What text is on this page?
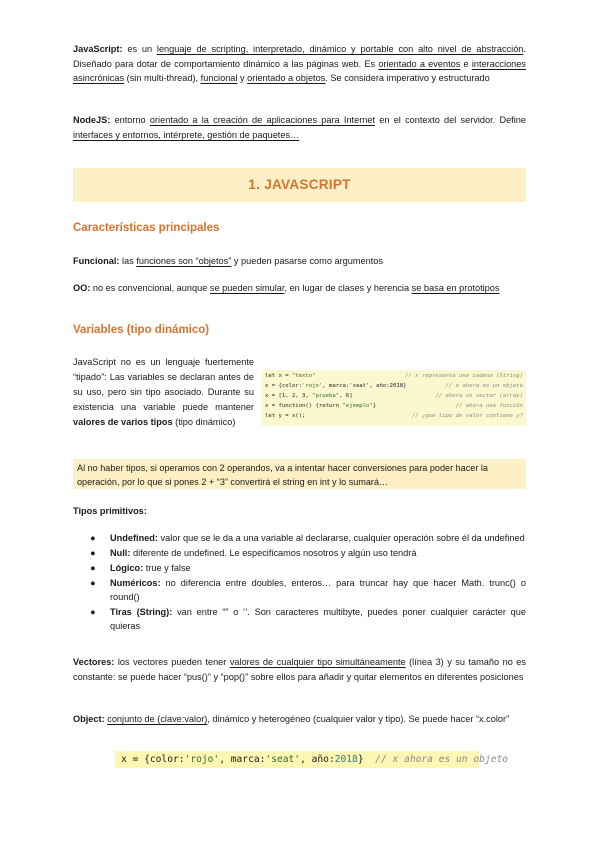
JavaScript: es un lenguaje de scripting, interpretado, dinámico y portable con alto nivel de abstracción. Diseñado para dotar de comportamiento dinámico a las páginas web. Es orientado a eventos e interacciones asincrónicas (sin multi-thread), funcional y orientado a objetos. Se considera imperativo y estructurado
NodeJS: entorno orientado a la creación de aplicaciones para Internet en el contexto del servidor. Define interfaces y entornos, intérprete, gestión de paquetes…
1. JAVASCRIPT
Características principales
Funcional: las funciones son “objetos” y pueden pasarse como argumentos
OO: no es convencional, aunque se pueden simular, en lugar de clases y herencia se basa en prototipos
Variables (tipo dinámico)
JavaScript no es un lenguaje fuertemente “tipado”: Las variables se declaran antes de su uso, pero sin tipo asociado. Durante su existencia una variable puede mantener valores de varios tipos (tipo dinámico)
let x = "texto"	// x representa una cadena (String)
x = {color:'rojo', marca:'seat', año:2018}	// x ahora es un objeto
x = [1, 2, 3, "prueba", 6]	// ahora un vector (array)
x = function() {return "ejemplo"}	// ahora una función
let y = x();	// ¿qué tipo de valor contiene y?
Al no haber tipos, si operamos con 2 operandos, va a intentar hacer conversiones para poder hacer la operación, por lo que si pones 2 + “3” convertirá el string en int y lo sumará…
Tipos primitivos:
● Undefined: valor que se le da a una variable al declararse, cualquier operación sobre él da undefined
● Null: diferente de undefined. Le especificamos nosotros y algún uso tendrá
● Lógico: true y false
● Numéricos: no diferencia entre doubles, enteros… para truncar hay que hacer Math. trunc() o round()
● Tiras (String): van entre “” o ‘’. Son caracteres multibyte, puedes poner cualquier carácter que quieras
Vectores: los vectores pueden tener valores de cualquier tipo simultáneamente (línea 3) y su tamaño no es constante: se puede hacer “pus()” y “pop()” sobre ellos para añadir y quitar elementos en diferentes posiciones
Object: conjunto de (clave:valor), dinámico y heterogéneo (cualquier valor y tipo). Se puede hacer “x.color”
x = {color:'rojo', marca:'seat', año:2018}  // x ahora es un objeto
